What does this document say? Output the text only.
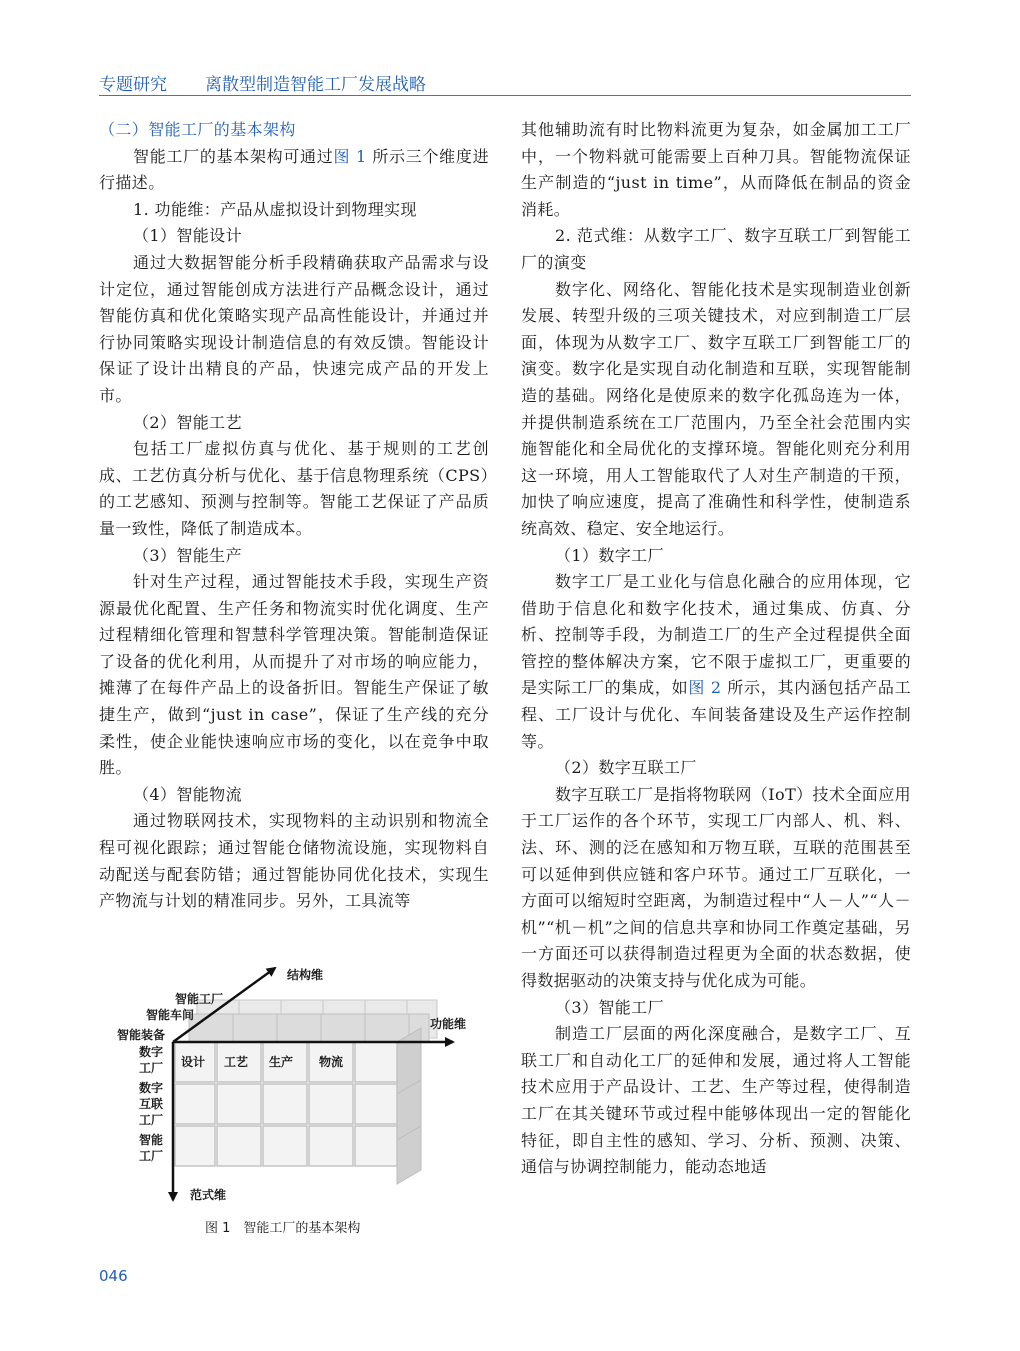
专题研究 离散型制造智能工厂发展战略

（二）智能工厂的基本架构

智能工厂的基本架构可通过图 1 所示三个维度进行描述。

1. 功能维：产品从虚拟设计到物理实现

（1）智能设计

通过大数据智能分析手段精确获取产品需求与设计定位，通过智能创成方法进行产品概念设计，通过智能仿真和优化策略实现产品高性能设计，并通过并行协同策略实现设计制造信息的有效反馈。智能设计保证了设计出精良的产品，快速完成产品的开发上市。

（2）智能工艺

包括工厂虚拟仿真与优化、基于规则的工艺创成、工艺仿真分析与优化、基于信息物理系统（CPS）的工艺感知、预测与控制等。智能工艺保证了产品质量一致性，降低了制造成本。

（3）智能生产

针对生产过程，通过智能技术手段，实现生产资源最优化配置、生产任务和物流实时优化调度、生产过程精细化管理和智慧科学管理决策。智能制造保证了设备的优化利用，从而提升了对市场的响应能力，摊薄了在每件产品上的设备折旧。智能生产保证了敏捷生产，做到“just in case”，保证了生产线的充分柔性，使企业能快速响应市场的变化，以在竞争中取胜。

（4）智能物流

通过物联网技术，实现物料的主动识别和物流全程可视化跟踪；通过智能仓储物流设施，实现物料自动配送与配套防错；通过智能协同优化技术，实现生产物流与计划的精准同步。另外，工具流等

结构维
功能维
范式维
智能工厂
智能车间
智能装备
数字
工厂
数字
互联
工厂
智能
工厂
设计 工艺 生产 物流
图 1　智能工厂的基本架构

其他辅助流有时比物料流更为复杂，如金属加工工厂中，一个物料就可能需要上百种刀具。智能物流保证生产制造的“just in time”，从而降低在制品的资金消耗。

2. 范式维：从数字工厂、数字互联工厂到智能工厂的演变

数字化、网络化、智能化技术是实现制造业创新发展、转型升级的三项关键技术，对应到制造工厂层面，体现为从数字工厂、数字互联工厂到智能工厂的演变。数字化是实现自动化制造和互联，实现智能制造的基础。网络化是使原来的数字化孤岛连为一体，并提供制造系统在工厂范围内，乃至全社会范围内实施智能化和全局优化的支撑环境。智能化则充分利用这一环境，用人工智能取代了人对生产制造的干预，加快了响应速度，提高了准确性和科学性，使制造系统高效、稳定、安全地运行。

（1）数字工厂

数字工厂是工业化与信息化融合的应用体现，它借助于信息化和数字化技术，通过集成、仿真、分析、控制等手段，为制造工厂的生产全过程提供全面管控的整体解决方案，它不限于虚拟工厂，更重要的是实际工厂的集成，如图 2 所示，其内涵包括产品工程、工厂设计与优化、车间装备建设及生产运作控制等。

（2）数字互联工厂

数字互联工厂是指将物联网（IoT）技术全面应用于工厂运作的各个环节，实现工厂内部人、机、料、法、环、测的泛在感知和万物互联，互联的范围甚至可以延伸到供应链和客户环节。通过工厂互联化，一方面可以缩短时空距离，为制造过程中“人－人”“人－机”“机－机”之间的信息共享和协同工作奠定基础，另一方面还可以获得制造过程更为全面的状态数据，使得数据驱动的决策支持与优化成为可能。

（3）智能工厂

制造工厂层面的两化深度融合，是数字工厂、互联工厂和自动化工厂的延伸和发展，通过将人工智能技术应用于产品设计、工艺、生产等过程，使得制造工厂在其关键环节或过程中能够体现出一定的智能化特征，即自主性的感知、学习、分析、预测、决策、通信与协调控制能力，能动态地适

046
